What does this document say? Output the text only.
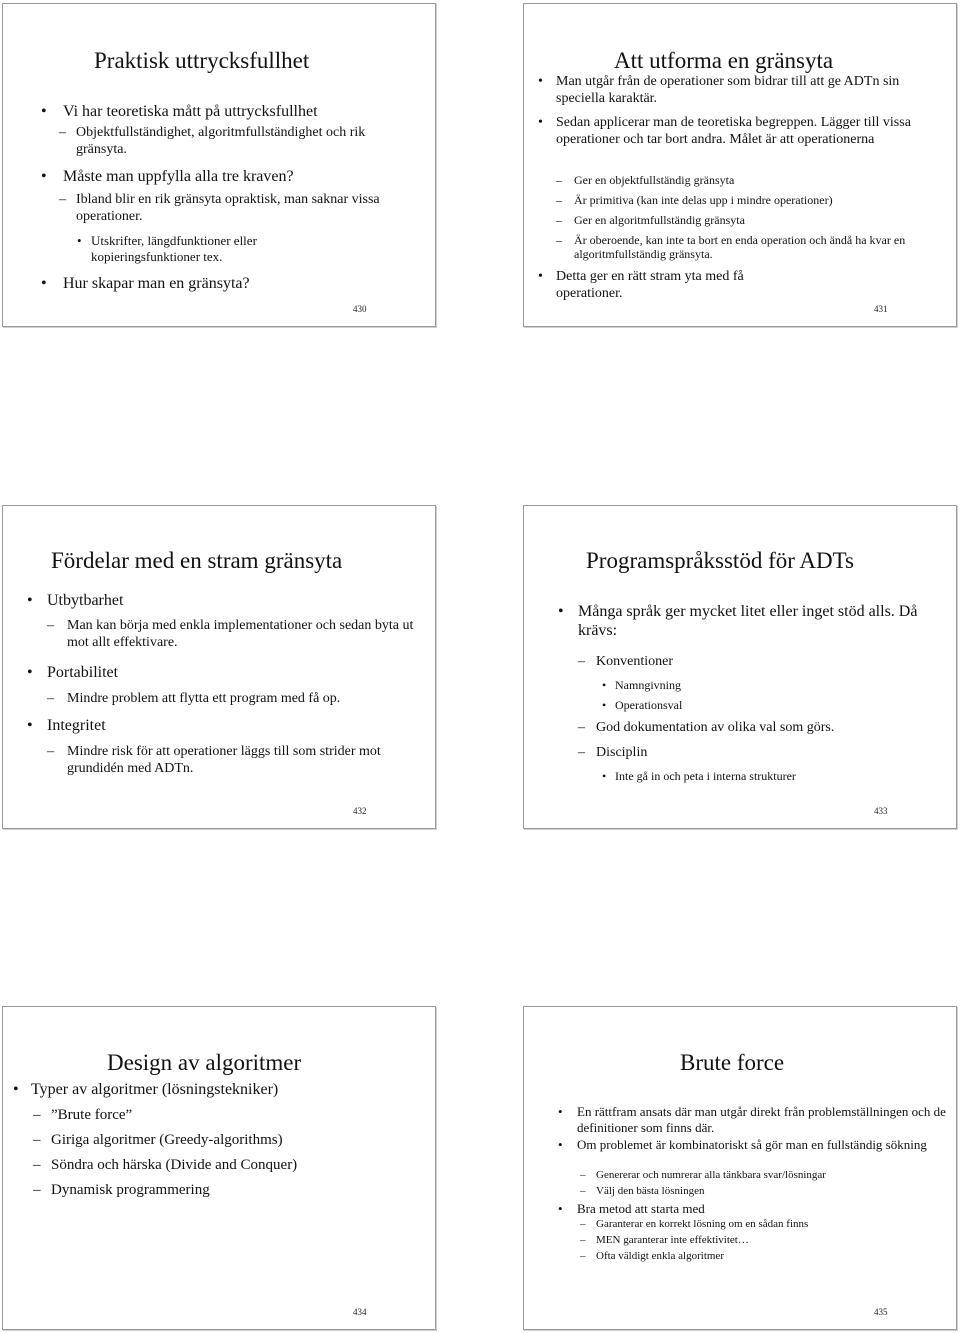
Praktisk uttrycksfullhet
•
Vi har teoretiska mått på uttrycksfullhet
–
Objektfullständighet, algoritmfullständighet och rik gränsyta.
•
Måste man uppfylla alla tre kraven?
–
Ibland blir en rik gränsyta opraktisk, man saknar vissa operationer.
•
Utskrifter, längdfunktioner eller kopieringsfunktioner tex.
•
Hur skapar man en gränsyta?
430
Att utforma en gränsyta
•
Man utgår från de operationer som bidrar till att ge ADTn sin speciella karaktär.
•
Sedan applicerar man de teoretiska begreppen. Lägger till vissa operationer och tar bort andra. Målet är att operationerna
–
Ger en objektfullständig gränsyta
–
Är primitiva (kan inte delas upp i mindre operationer)
–
Ger en algoritmfullständig gränsyta
–
Är oberoende, kan inte ta bort en enda operation och ändå ha kvar en algoritmfullständig gränsyta.
•
Detta ger en rätt stram yta med få operationer.
431
Fördelar med en stram gränsyta
•
Utbytbarhet
–
Man kan börja med enkla implementationer och sedan byta ut mot allt effektivare.
•
Portabilitet
–
Mindre problem att flytta ett program med få op.
•
Integritet
–
Mindre risk för att operationer läggs till som strider mot grundidén med ADTn.
432
Programspråksstöd för ADTs
•
Många språk ger mycket litet eller inget stöd alls. Då krävs:
–
Konventioner
•
Namngivning
•
Operationsval
–
God dokumentation av olika val som görs.
–
Disciplin
•
Inte gå in och peta i interna strukturer
433
Design av algoritmer
•
Typer av algoritmer (lösningstekniker)
–
”Brute force”
–
Giriga algoritmer (Greedy-algorithms)
–
Söndra och härska (Divide and Conquer)
–
Dynamisk programmering
434
Brute force
•
En rättfram ansats där man utgår direkt från problemställningen och de definitioner som finns där.
•
Om problemet är kombinatoriskt så gör man en fullständig sökning
–
Genererar och numrerar alla tänkbara svar/lösningar
–
Välj den bästa lösningen
•
Bra metod att starta med
–
Garanterar en korrekt lösning om en sådan finns
–
MEN garanterar inte effektivitet…
–
Ofta väldigt enkla algoritmer
435
